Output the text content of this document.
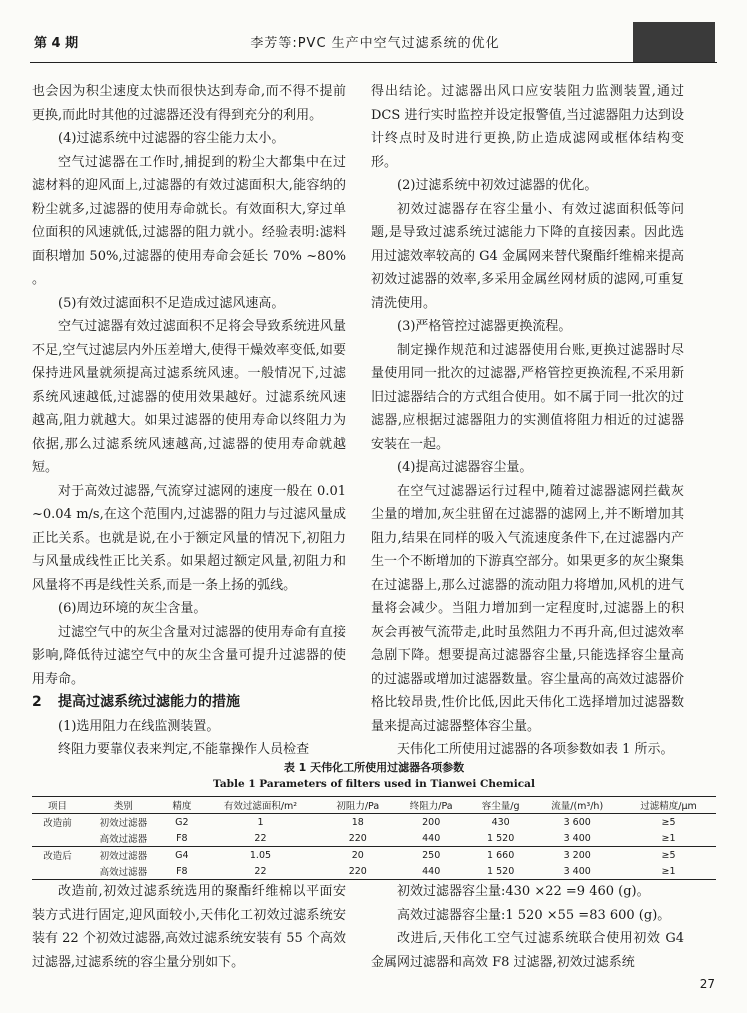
第 4 期	李芳等:PVC 生产中空气过滤系统的优化

也会因为积尘速度太快而很快达到寿命,而不得不提前更换,而此时其他的过滤器还没有得到充分的利用。

(4)过滤系统中过滤器的容尘能力太小。

空气过滤器在工作时,捕捉到的粉尘大都集中在过滤材料的迎风面上,过滤器的有效过滤面积大,能容纳的粉尘就多,过滤器的使用寿命就长。有效面积大,穿过单位面积的风速就低,过滤器的阻力就小。经验表明:滤料面积增加 50%,过滤器的使用寿命会延长 70% ~80% 。

(5)有效过滤面积不足造成过滤风速高。

空气过滤器有效过滤面积不足将会导致系统进风量不足,空气过滤层内外压差增大,使得干燥效率变低,如要保持进风量就须提高过滤系统风速。一般情况下,过滤系统风速越低,过滤器的使用效果越好。过滤系统风速越高,阻力就越大。如果过滤器的使用寿命以终阻力为依据,那么过滤系统风速越高,过滤器的使用寿命就越短。

对于高效过滤器,气流穿过滤网的速度一般在 0.01 ~0.04 m/s,在这个范围内,过滤器的阻力与过滤风量成正比关系。也就是说,在小于额定风量的情况下,初阻力与风量成线性正比关系。如果超过额定风量,初阻力和风量将不再是线性关系,而是一条上扬的弧线。

(6)周边环境的灰尘含量。

过滤空气中的灰尘含量对过滤器的使用寿命有直接影响,降低待过滤空气中的灰尘含量可提升过滤器的使用寿命。

2 提高过滤系统过滤能力的措施

(1)选用阻力在线监测装置。

终阻力要靠仪表来判定,不能靠操作人员检查

得出结论。过滤器出风口应安装阻力监测装置,通过 DCS 进行实时监控并设定报警值,当过滤器阻力达到设计终点时及时进行更换,防止造成滤网或框体结构变形。

(2)过滤系统中初效过滤器的优化。

初效过滤器存在容尘量小、有效过滤面积低等问题,是导致过滤系统过滤能力下降的直接因素。因此选用过滤效率较高的 G4 金属网来替代聚酯纤维棉来提高初效过滤器的效率,多采用金属丝网材质的滤网,可重复清洗使用。

(3)严格管控过滤器更换流程。

制定操作规范和过滤器使用台账,更换过滤器时尽量使用同一批次的过滤器,严格管控更换流程,不采用新旧过滤器结合的方式组合使用。如不属于同一批次的过滤器,应根据过滤器阻力的实测值将阻力相近的过滤器安装在一起。

(4)提高过滤器容尘量。

在空气过滤器运行过程中,随着过滤器滤网拦截灰尘量的增加,灰尘驻留在过滤器的滤网上,并不断增加其阻力,结果在同样的吸入气流速度条件下,在过滤器内产生一个不断增加的下游真空部分。如果更多的灰尘聚集在过滤器上,那么过滤器的流动阻力将增加,风机的进气量将会减少。当阻力增加到一定程度时,过滤器上的积灰会再被气流带走,此时虽然阻力不再升高,但过滤效率急剧下降。想要提高过滤器容尘量,只能选择容尘量高的过滤器或增加过滤器数量。容尘量高的高效过滤器价格比较昂贵,性价比低,因此天伟化工选择增加过滤器数量来提高过滤器整体容尘量。

天伟化工所使用过滤器的各项参数如表 1 所示。

表 1 天伟化工所使用过滤器各项参数
Table 1 Parameters of filters used in Tianwei Chemical
项目	类别	精度	有效过滤面积/m²	初阻力/Pa	终阻力/Pa	容尘量/g	流量/(m³/h)	过滤精度/μm
改造前	初效过滤器	G2	1	18	200	430	3 600	≥5
	高效过滤器	F8	22	220	440	1 520	3 400	≥1
改造后	初效过滤器	G4	1.05	20	250	1 660	3 200	≥5
	高效过滤器	F8	22	220	440	1 520	3 400	≥1

改造前,初效过滤系统选用的聚酯纤维棉以平面安装方式进行固定,迎风面较小,天伟化工初效过滤系统安装有 22 个初效过滤器,高效过滤系统安装有 55 个高效过滤器,过滤系统的容尘量分别如下。

初效过滤器容尘量:430 ×22 =9 460 (g)。

高效过滤器容尘量:1 520 ×55 =83 600 (g)。

改进后,天伟化工空气过滤系统联合使用初效 G4 金属网过滤器和高效 F8 过滤器,初效过滤系统

27
